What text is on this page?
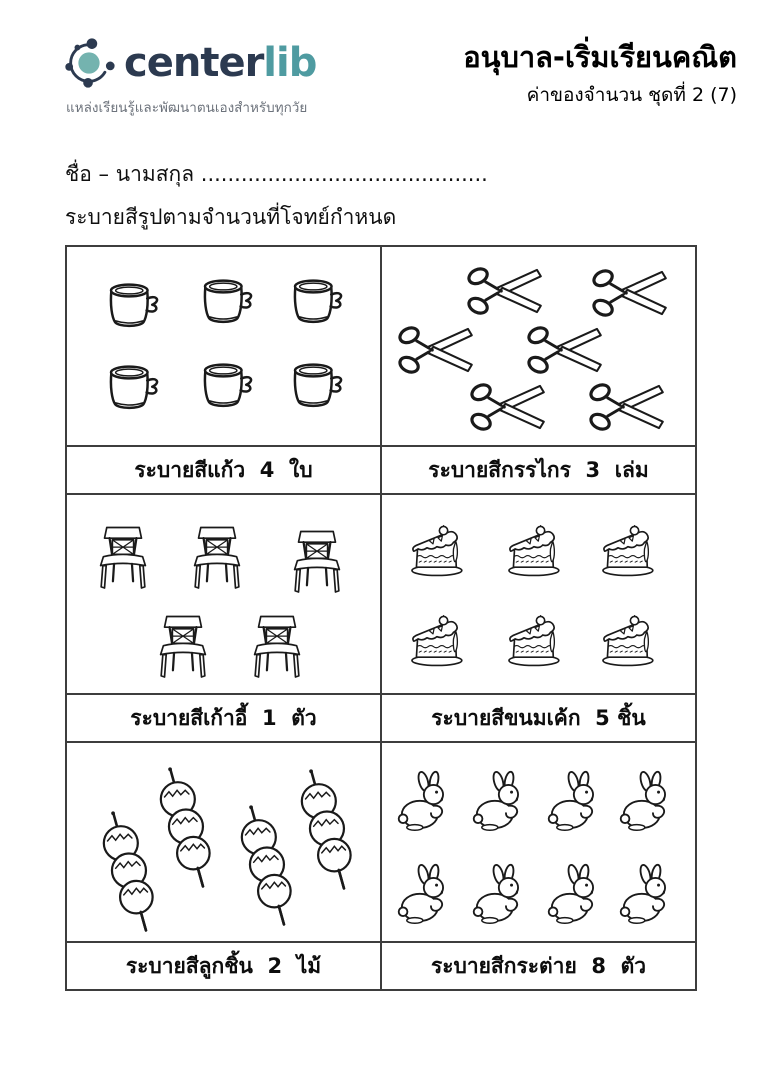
centerlib
แหล่งเรียนรู้และพัฒนาตนเองสำหรับทุกวัย
อนุบาล-เริ่มเรียนคณิต
ค่าของจำนวน ชุดที่ 2 (7)
ชื่อ – นามสกุล ...........................................
ระบายสีรูปตามจำนวนที่โจทย์กำหนด
ระบายสีแก้ว  4  ใบ	ระบายสีกรรไกร  3  เล่ม
ระบายสีเก้าอี้  1  ตัว	ระบายสีขนมเค้ก  5 ชิ้น
ระบายสีลูกชิ้น  2  ไม้	ระบายสีกระต่าย  8  ตัว
